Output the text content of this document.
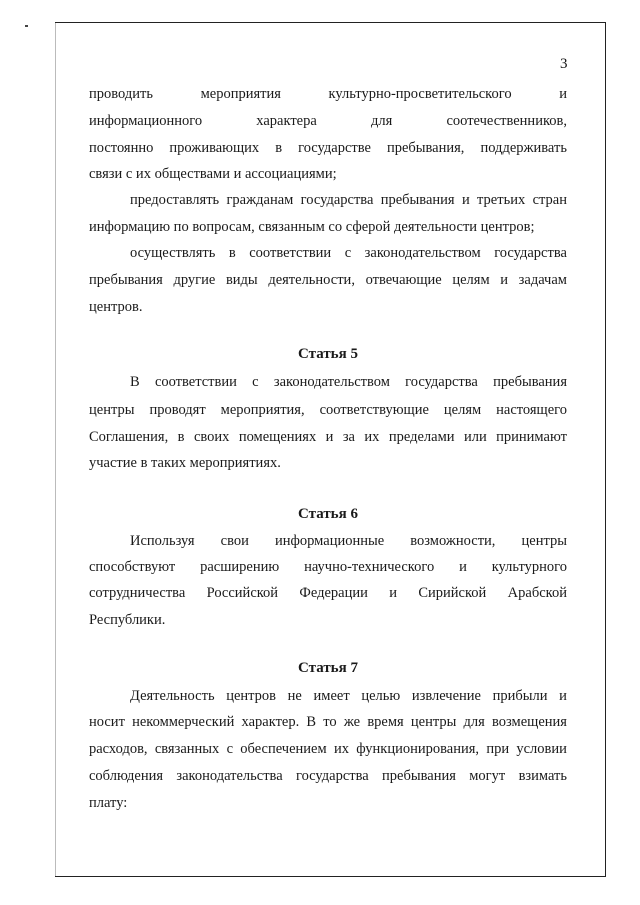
3
проводить	мероприятия	культурно-просветительского	и
информационного	характера	для	соотечественников,
постоянно проживающих в государстве пребывания, поддерживать
связи с их обществами и ассоциациями;
предоставлять гражданам государства пребывания и третьих стран
информацию по вопросам, связанным со сферой деятельности центров;
осуществлять в соответствии с законодательством государства
пребывания другие виды деятельности, отвечающие целям и задачам
центров.
Статья 5
В соответствии с законодательством государства пребывания
центры проводят мероприятия, соответствующие целям настоящего
Соглашения, в своих помещениях и за их пределами или принимают
участие в таких мероприятиях.
Статья 6
Используя свои информационные возможности, центры
способствуют расширению научно-технического и культурного
сотрудничества Российской Федерации и Сирийской Арабской
Республики.
Статья 7
Деятельность центров не имеет целью извлечение прибыли и
носит некоммерческий характер. В то же время центры для возмещения
расходов, связанных с обеспечением их функционирования, при условии
соблюдения законодательства государства пребывания могут взимать
плату:
